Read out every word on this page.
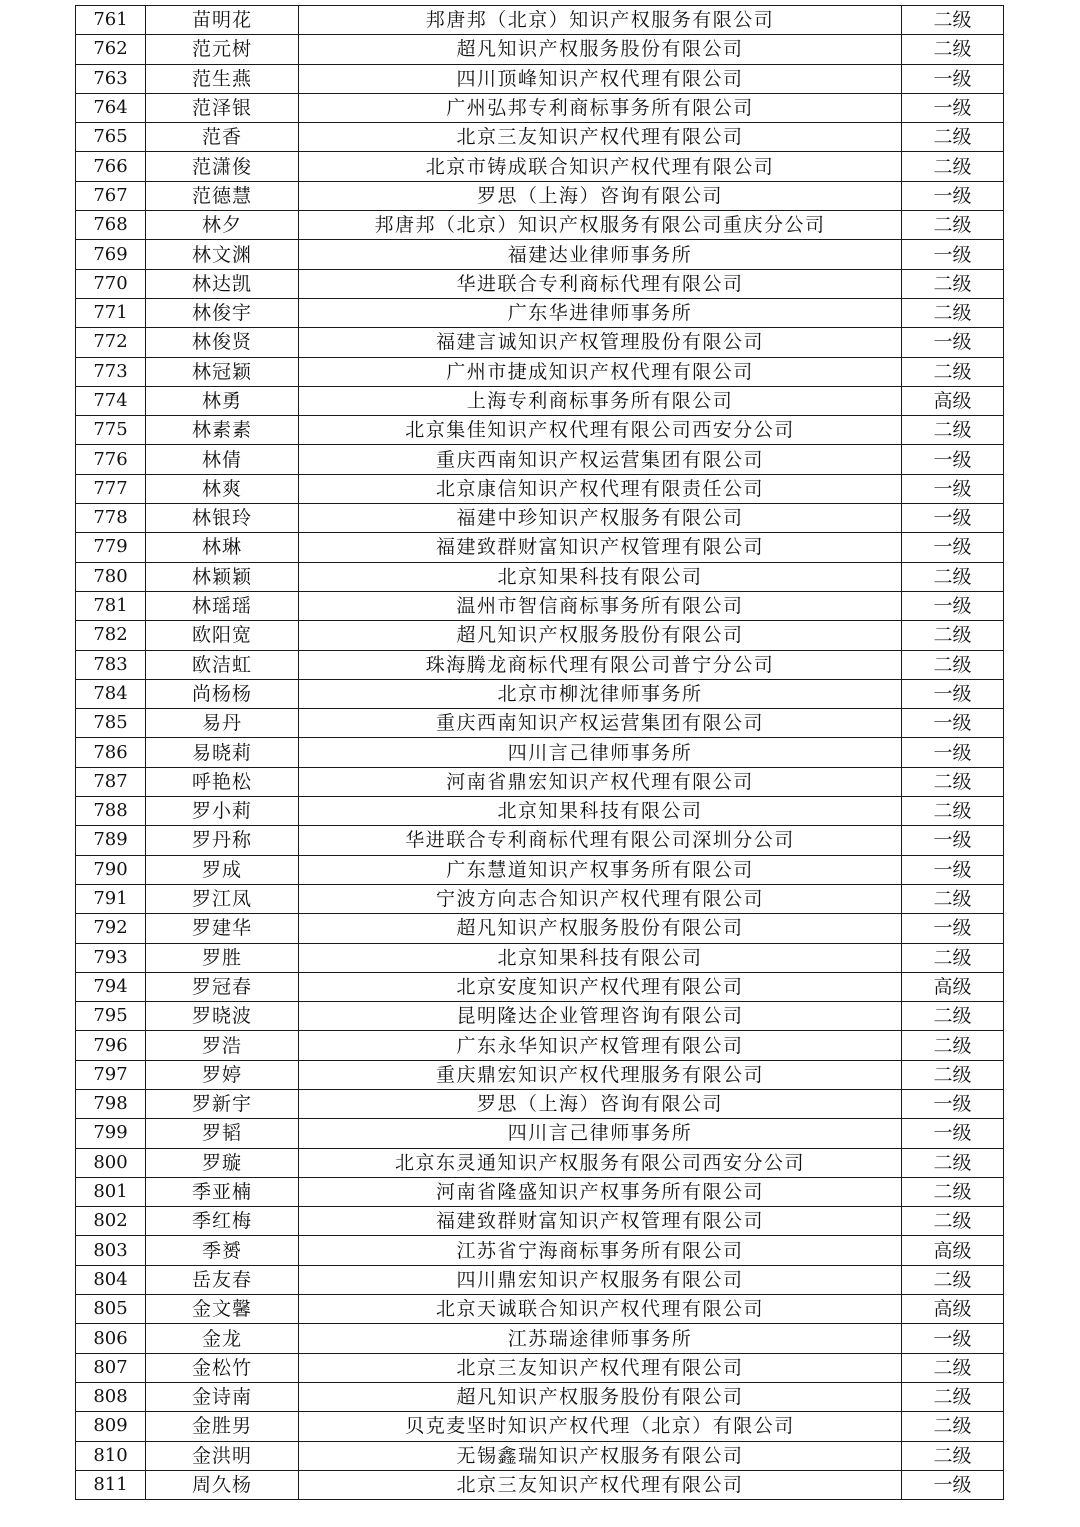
761	苗明花	邦唐邦（北京）知识产权服务有限公司	二级
762	范元树	超凡知识产权服务股份有限公司	二级
763	范生燕	四川顶峰知识产权代理有限公司	一级
764	范泽银	广州弘邦专利商标事务所有限公司	一级
765	范香	北京三友知识产权代理有限公司	二级
766	范潇俊	北京市铸成联合知识产权代理有限公司	二级
767	范德慧	罗思（上海）咨询有限公司	一级
768	林夕	邦唐邦（北京）知识产权服务有限公司重庆分公司	二级
769	林文渊	福建达业律师事务所	一级
770	林达凯	华进联合专利商标代理有限公司	二级
771	林俊宇	广东华进律师事务所	二级
772	林俊贤	福建言诚知识产权管理股份有限公司	一级
773	林冠颖	广州市捷成知识产权代理有限公司	二级
774	林勇	上海专利商标事务所有限公司	高级
775	林素素	北京集佳知识产权代理有限公司西安分公司	二级
776	林倩	重庆西南知识产权运营集团有限公司	一级
777	林爽	北京康信知识产权代理有限责任公司	一级
778	林银玲	福建中珍知识产权服务有限公司	一级
779	林琳	福建致群财富知识产权管理有限公司	一级
780	林颖颖	北京知果科技有限公司	二级
781	林瑶瑶	温州市智信商标事务所有限公司	一级
782	欧阳宽	超凡知识产权服务股份有限公司	二级
783	欧洁虹	珠海腾龙商标代理有限公司普宁分公司	二级
784	尚杨杨	北京市柳沈律师事务所	一级
785	易丹	重庆西南知识产权运营集团有限公司	一级
786	易晓莉	四川言己律师事务所	一级
787	呼艳松	河南省鼎宏知识产权代理有限公司	二级
788	罗小莉	北京知果科技有限公司	二级
789	罗丹称	华进联合专利商标代理有限公司深圳分公司	一级
790	罗成	广东慧道知识产权事务所有限公司	一级
791	罗江凤	宁波方向志合知识产权代理有限公司	二级
792	罗建华	超凡知识产权服务股份有限公司	一级
793	罗胜	北京知果科技有限公司	二级
794	罗冠春	北京安度知识产权代理有限公司	高级
795	罗晓波	昆明隆达企业管理咨询有限公司	二级
796	罗浩	广东永华知识产权管理有限公司	二级
797	罗婷	重庆鼎宏知识产权代理服务有限公司	二级
798	罗新宇	罗思（上海）咨询有限公司	一级
799	罗韬	四川言己律师事务所	一级
800	罗璇	北京东灵通知识产权服务有限公司西安分公司	二级
801	季亚楠	河南省隆盛知识产权事务所有限公司	二级
802	季红梅	福建致群财富知识产权管理有限公司	二级
803	季赟	江苏省宁海商标事务所有限公司	高级
804	岳友春	四川鼎宏知识产权服务有限公司	二级
805	金文馨	北京天诚联合知识产权代理有限公司	高级
806	金龙	江苏瑞途律师事务所	一级
807	金松竹	北京三友知识产权代理有限公司	二级
808	金诗南	超凡知识产权服务股份有限公司	二级
809	金胜男	贝克麦坚时知识产权代理（北京）有限公司	二级
810	金洪明	无锡鑫瑞知识产权服务有限公司	二级
811	周久杨	北京三友知识产权代理有限公司	一级
